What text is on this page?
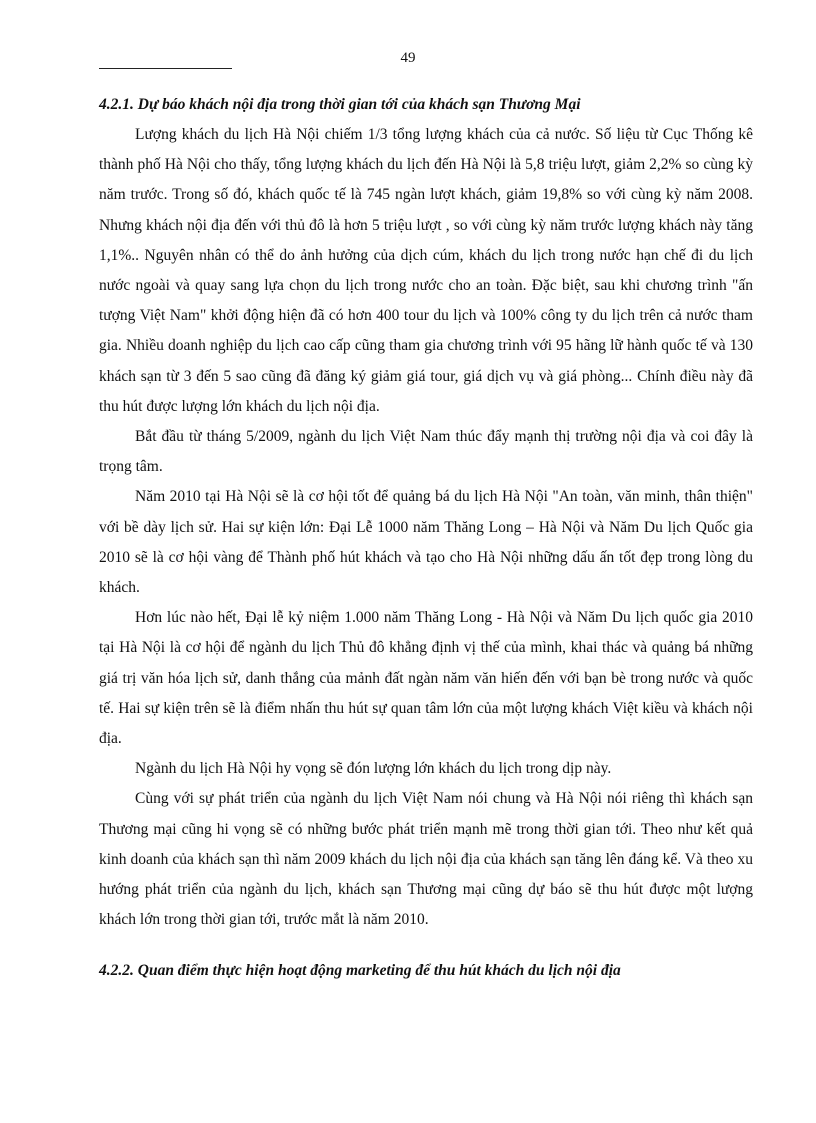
49

4.2.1. Dự báo khách nội địa trong thời gian tới của khách sạn Thương Mại

Lượng khách du lịch Hà Nội chiếm 1/3 tổng lượng khách của cả nước. Số liệu từ Cục Thống kê thành phố Hà Nội cho thấy, tổng lượng khách du lịch đến Hà Nội là 5,8 triệu lượt, giảm 2,2% so cùng kỳ năm trước. Trong số đó, khách quốc tế là 745 ngàn lượt khách, giảm 19,8% so với cùng kỳ năm 2008. Nhưng khách nội địa đến với thủ đô là hơn 5 triệu lượt , so với cùng kỳ năm trước lượng khách này tăng 1,1%.. Nguyên nhân có thể do ảnh hưởng của dịch cúm, khách du lịch trong nước hạn chế đi du lịch nước ngoài và quay sang lựa chọn du lịch trong nước cho an toàn. Đặc biệt, sau khi chương trình "ấn tượng Việt Nam" khởi động hiện đã có hơn 400 tour du lịch và 100% công ty du lịch trên cả nước tham gia. Nhiều doanh nghiệp du lịch cao cấp cũng tham gia chương trình với 95 hãng lữ hành quốc tế và 130 khách sạn từ 3 đến 5 sao cũng đã đăng ký giảm giá tour, giá dịch vụ và giá phòng... Chính điều này đã thu hút được lượng lớn khách du lịch nội địa.

Bắt đầu từ tháng 5/2009, ngành du lịch Việt Nam thúc đẩy mạnh thị trường nội địa và coi đây là trọng tâm.

Năm 2010 tại Hà Nội sẽ là cơ hội tốt để quảng bá du lịch Hà Nội "An toàn, văn minh, thân thiện" với bề dày lịch sử. Hai sự kiện lớn: Đại Lễ 1000 năm Thăng Long – Hà Nội và Năm Du lịch Quốc gia 2010 sẽ là cơ hội vàng để Thành phố hút khách và tạo cho Hà Nội những dấu ấn tốt đẹp trong lòng du khách.

Hơn lúc nào hết, Đại lễ kỷ niệm 1.000 năm Thăng Long - Hà Nội và Năm Du lịch quốc gia 2010 tại Hà Nội là cơ hội để ngành du lịch Thủ đô khẳng định vị thế của mình, khai thác và quảng bá những giá trị văn hóa lịch sử, danh thắng của mảnh đất ngàn năm văn hiến đến với bạn bè trong nước và quốc tế. Hai sự kiện trên sẽ là điểm nhấn thu hút sự quan tâm lớn của một lượng khách Việt kiều và khách nội địa.

Ngành du lịch Hà Nội hy vọng sẽ đón lượng lớn khách du lịch trong dịp này.

Cùng với sự phát triển của ngành du lịch Việt Nam nói chung và Hà Nội nói riêng thì khách sạn Thương mại cũng hi vọng sẽ có những bước phát triển mạnh mẽ trong thời gian tới. Theo như kết quả kinh doanh của khách sạn thì năm 2009 khách du lịch nội địa của khách sạn tăng lên đáng kể. Và theo xu hướng phát triển của ngành du lịch, khách sạn Thương mại cũng dự báo sẽ thu hút được một lượng khách lớn trong thời gian tới, trước mắt là năm 2010.

4.2.2. Quan điểm thực hiện hoạt động marketing để thu hút khách du lịch nội địa
